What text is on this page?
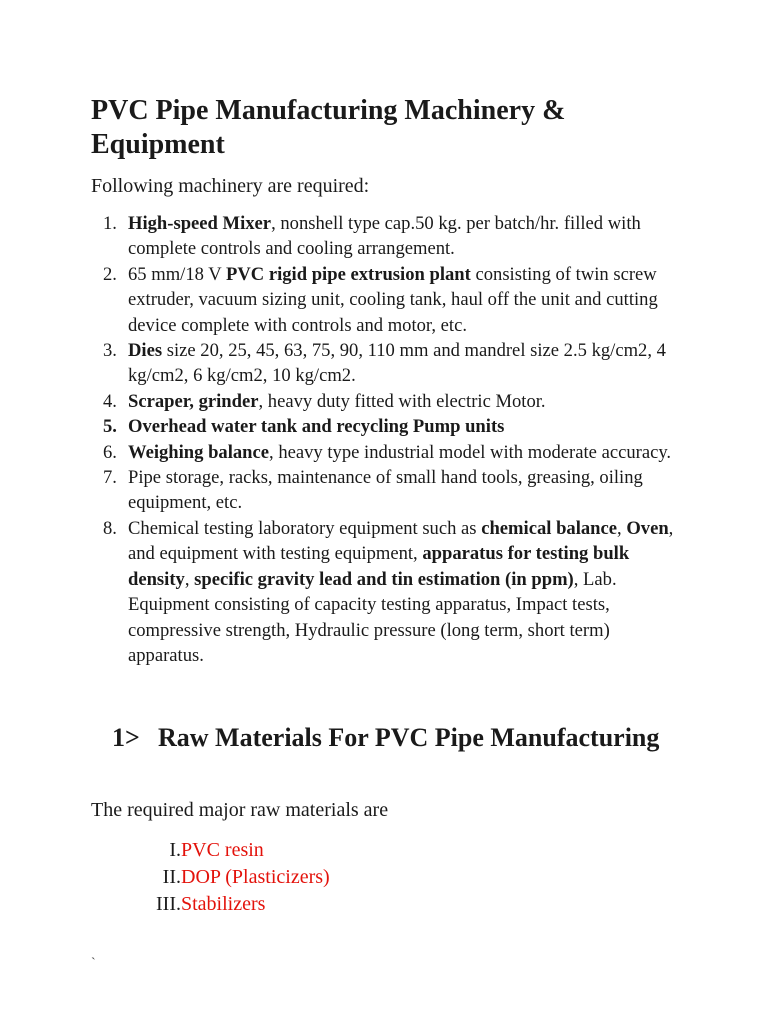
PVC Pipe Manufacturing Machinery & Equipment

Following machinery are required:

1. High-speed Mixer, nonshell type cap.50 kg. per batch/hr. filled with complete controls and cooling arrangement.
2. 65 mm/18 V PVC rigid pipe extrusion plant consisting of twin screw extruder, vacuum sizing unit, cooling tank, haul off the unit and cutting device complete with controls and motor, etc.
3. Dies size 20, 25, 45, 63, 75, 90, 110 mm and mandrel size 2.5 kg/cm2, 4 kg/cm2, 6 kg/cm2, 10 kg/cm2.
4. Scraper, grinder, heavy duty fitted with electric Motor.
5. Overhead water tank and recycling Pump units
6. Weighing balance, heavy type industrial model with moderate accuracy.
7. Pipe storage, racks, maintenance of small hand tools, greasing, oiling equipment, etc.
8. Chemical testing laboratory equipment such as chemical balance, Oven, and equipment with testing equipment, apparatus for testing bulk density, specific gravity lead and tin estimation (in ppm), Lab. Equipment consisting of capacity testing apparatus, Impact tests, compressive strength, Hydraulic pressure (long term, short term) apparatus.
1> Raw Materials For PVC Pipe Manufacturing

The required major raw materials are

I. PVC resin
II. DOP (Plasticizers)
III. Stabilizers
`
